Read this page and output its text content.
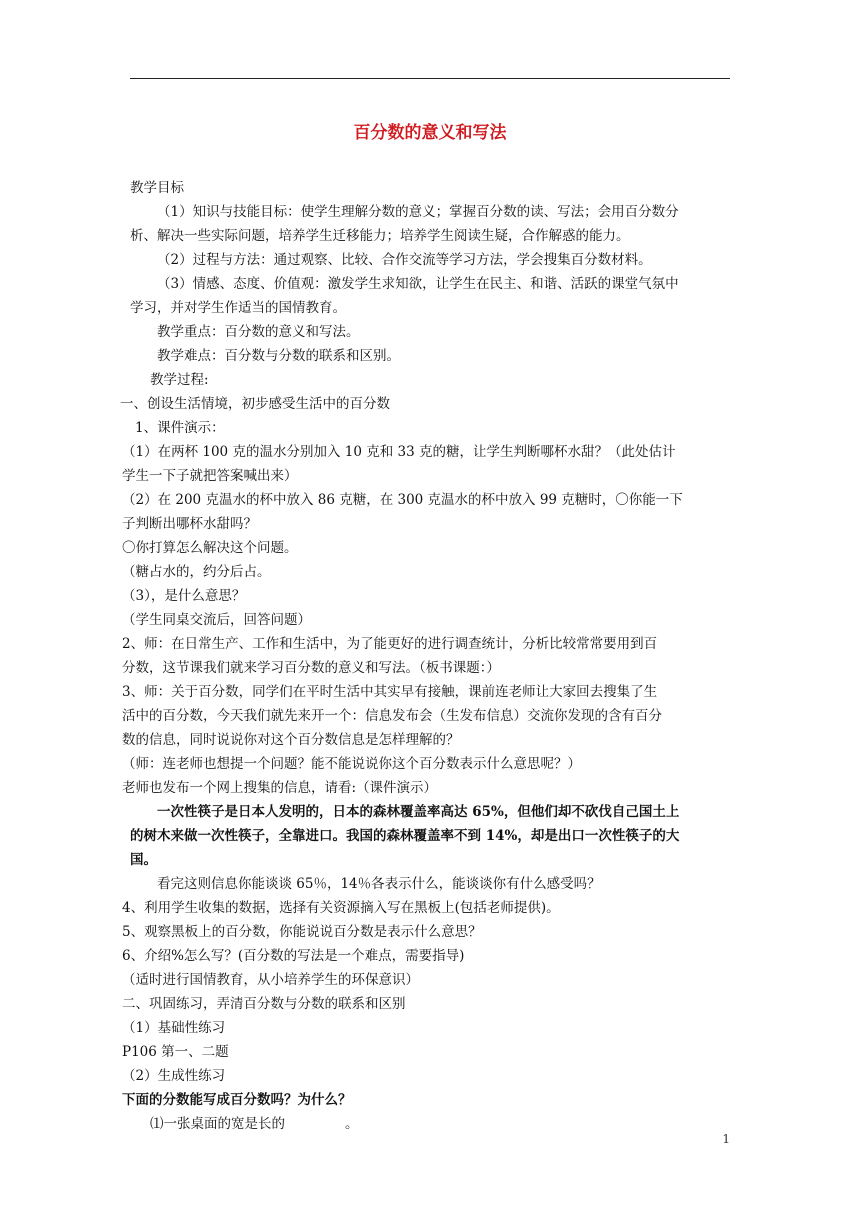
百分数的意义和写法
教学目标
（1）知识与技能目标：使学生理解分数的意义；掌握百分数的读、写法；会用百分数分
析、解决一些实际问题，培养学生迁移能力；培养学生阅读生疑，合作解惑的能力。
（2）过程与方法：通过观察、比较、合作交流等学习方法，学会搜集百分数材料。
（3）情感、态度、价值观：激发学生求知欲，让学生在民主、和谐、活跃的课堂气氛中
学习，并对学生作适当的国情教育。
教学重点：百分数的意义和写法。
教学难点：百分数与分数的联系和区别。
教学过程:
一、创设生活情境，初步感受生活中的百分数
1、课件演示：
（1）在两杯 100 克的温水分别加入 10 克和 33 克的糖，让学生判断哪杯水甜？（此处估计
学生一下子就把答案喊出来）
（2）在 200 克温水的杯中放入 86 克糖，在 300 克温水的杯中放入 99 克糖时，〇你能一下
子判断出哪杯水甜吗？
〇你打算怎么解决这个问题。
（糖占水的，约分后占。
（3），是什么意思？
（学生同桌交流后，回答问题）
2、师：在日常生产、工作和生活中，为了能更好的进行调查统计，分析比较常常要用到百
分数，这节课我们就来学习百分数的意义和写法。（板书课题：）
3、师：关于百分数，同学们在平时生活中其实早有接触，课前连老师让大家回去搜集了生
活中的百分数，今天我们就先来开一个：信息发布会（生发布信息）交流你发现的含有百分
数的信息，同时说说你对这个百分数信息是怎样理解的？
（师：连老师也想提一个问题？能不能说说你这个百分数表示什么意思呢？）
老师也发布一个网上搜集的信息，请看:（课件演示）
一次性筷子是日本人发明的，日本的森林覆盖率高达 65%，但他们却不砍伐自己国土上
的树木来做一次性筷子，全靠进口。我国的森林覆盖率不到 14%，却是出口一次性筷子的大
国。
看完这则信息你能谈谈 65％，14％各表示什么，能谈谈你有什么感受吗？
4、利用学生收集的数据，选择有关资源摘入写在黑板上(包括老师提供)。
5、观察黑板上的百分数，你能说说百分数是表示什么意思？
6、介绍%怎么写？(百分数的写法是一个难点，需要指导)
（适时进行国情教育，从小培养学生的环保意识）
二、巩固练习，弄清百分数与分数的联系和区别
（1）基础性练习
P106 第一、二题
（2）生成性练习
下面的分数能写成百分数吗？为什么？
⑴一张桌面的宽是长的	。
1
